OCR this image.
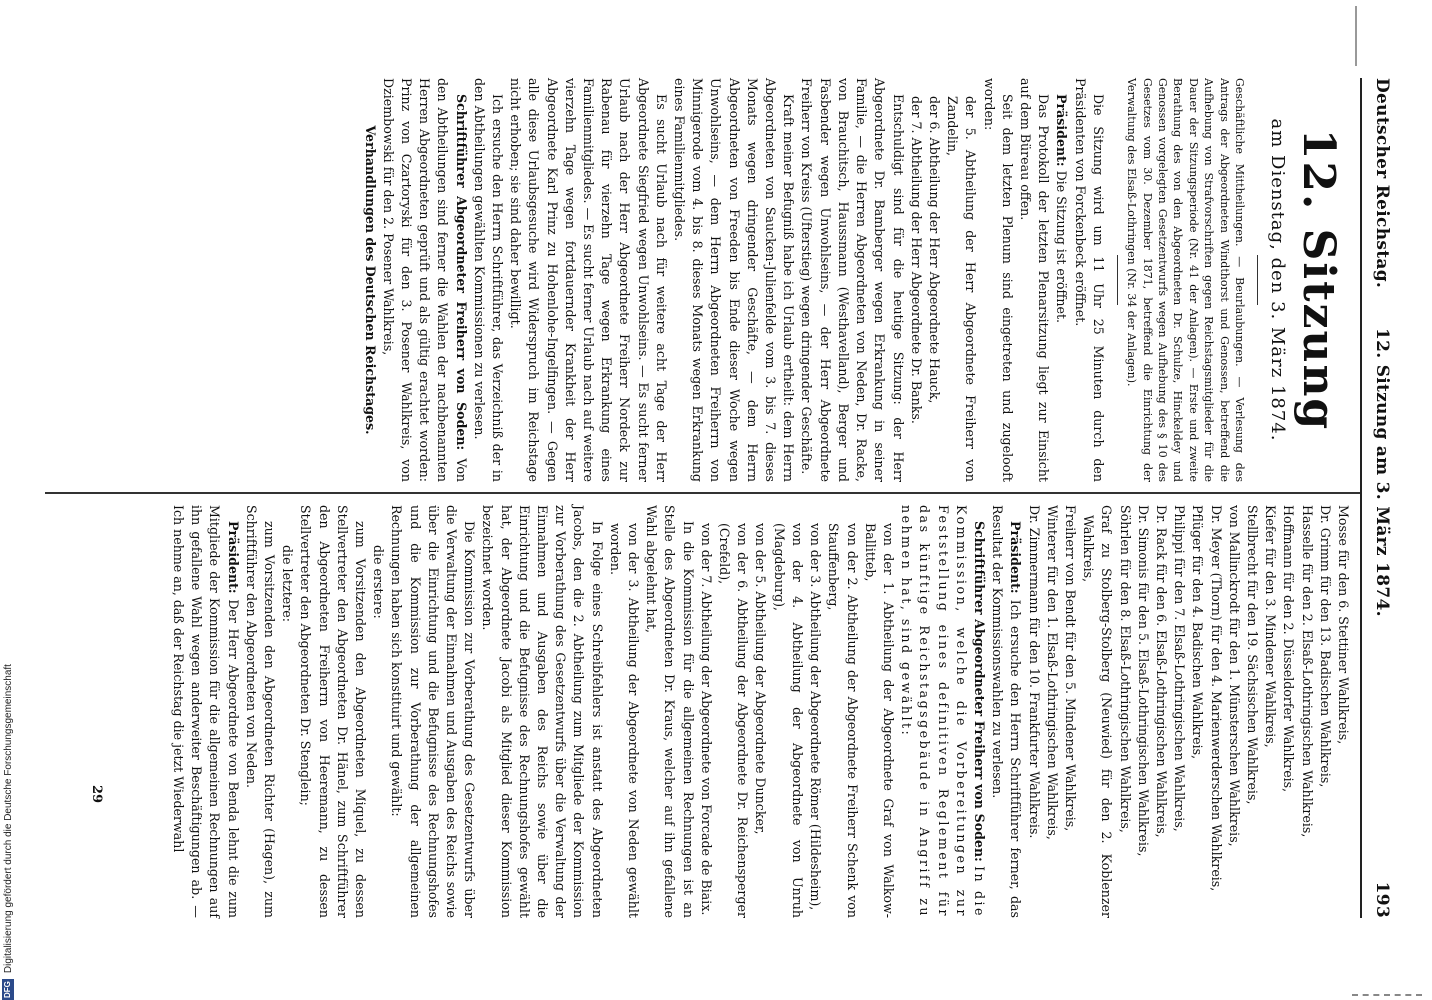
Deutscher Reichstag.
12. Sitzung am 3. März 1874.
193

12. Sitzung

am Dienstag, den 3. März 1874.

Geschäftliche Mittheilungen. — Beurlaubungen. — Verlesung des Antrags der Abgeordneten Windthorst und Genossen, betreffend die Aufhebung von Strafvorschriften gegen Reichstagsmitglieder für die Dauer der Sitzungsperiode (Nr. 41 der Anlagen). — Erste und zweite Berathung des von den Abgeordneten Dr. Schulze, Hinckeldey und Genossen vorgelegten Gesetzentwurfs wegen Aufhebung des § 10 des Gesetzes vom 30. Dezember 1871, betreffend die Einrichtung der Verwaltung des Elsaß-Lothringen (Nr. 34 der Anlagen).

Die Sitzung wird um 11 Uhr 25 Minuten durch den Präsidenten von Forckenbeck eröffnet.

Präsident: Die Sitzung ist eröffnet.

Das Protokoll der letzten Plenarsitzung liegt zur Einsicht auf dem Büreau offen.

Seit dem letzten Plenum sind eingetreten und zugelooft worden:

der 5. Abtheilung der Herr Abgeordnete Freiherr von Zandelin,

der 6. Abtheilung der Herr Abgeordnete Hauck,

der 7. Abtheilung der Herr Abgeordnete Dr. Banks.

Entschuldigt sind für die heutige Sitzung: der Herr Abgeordnete Dr. Bamberger wegen Erkrankung in seiner Familie, — die Herren Abgeordneten von Neden, Dr. Racke, von Brauchitsch, Haussmann (Westhavelland), Berger und Fasbender wegen Unwohlseins, — der Herr Abgeordnete Freiherr von Kreiss (Ufterstieg) wegen dringender Geschäfte.

Kraft meiner Befugniß habe ich Urlaub ertheilt: dem Herrn Abgeordneten von Saucken-Julienfelde vom 3. bis 7. dieses Monats wegen dringender Geschäfte, — dem Herrn Abgeordneten von Freeden bis Ende dieser Woche wegen Unwohlseins, — dem Herrn Abgeordneten Freiherrn von Minnigerode vom 4. bis 8. dieses Monats wegen Erkrankung eines Familienmitgliedes.

Es sucht Urlaub nach für weitere acht Tage der Herr Abgeordnete Siegfried wegen Unwohlseins. — Es sucht ferner Urlaub nach der Herr Abgeordnete Freiherr Nordeck zur Rabenau für vierzehn Tage wegen Erkrankung eines Familienmitgliedes. — Es sucht ferner Urlaub nach auf weitere vierzehn Tage wegen fortdauernder Krankheit der Herr Abgeordnete Karl Prinz zu Hohenlohe-Ingelfingen. — Gegen alle diese Urlaubsgesuche wird Widerspruch im Reichstage nicht erhoben; sie sind daher bewilligt.

Ich ersuche den Herrn Schriftführer, das Verzeichniß der in den Abtheilungen gewählten Kommissionen zu verlesen.

Schriftführer Abgeordneter Freiherr von Soden: Von den Abtheilungen sind ferner die Wahlen der nachbenannten Herren Abgeordneten geprüft und als gültig erachtet worden: Prinz von Czartoryski für den 3. Posener Wahlkreis, von Dziembowski für den 2. Posener Wahlkreis,

Verhandlungen des Deutschen Reichstages.

Mosse für den 6. Stettiner Wahlkreis,

Dr. Grimm für den 13. Badischen Wahlkreis,

Hasselle für den 2. Elsaß-Lothringischen Wahlkreis,

Hoffmann für den 2. Düsseldorfer Wahlkreis,

Kiefer für den 3. Mindener Wahlkreis,

Stellbrecht für den 19. Sächsischen Wahlkreis,

von Mallinckrodt für den 1. Münsterschen Wahlkreis,

Dr. Meyer (Thorn) für den 4. Marienwerderschen Wahlkreis,

Pflüger für den 4. Badischen Wahlkreis,

Philippi für den 7. Elsaß-Lothringischen Wahlkreis,

Dr. Rack für den 6. Elsaß-Lothringischen Wahlkreis,

Dr. Simonis für den 5. Elsaß-Lothringischen Wahlkreis,

Söhrlen für den 8. Elsaß-Lothringischen Wahlkreis,

Graf zu Stolberg-Stolberg (Neuwied) für den 2. Koblenzer Wahlkreis,

Freiherr von Bendt für den 5. Mindener Wahlkreis,

Winterer für den 1. Elsaß-Lothringischen Wahlkreis,

Dr. Zimmermann für den 10. Frankfurter Wahlkreis.

Präsident: Ich ersuche den Herrn Schriftführer ferner, das Resultat der Kommissionswahlen zu verlesen.

Schriftführer Abgeordneter Freiherr von Soden: In die Kommission, welche die Vorbereitungen zur Feststellung eines definitiven Reglement für das künftige Reichstagsgebäude in Angriff zu nehmen hat, sind gewählt:

von der 1. Abtheilung der Abgeordnete Graf von Walkow-Ballitteb,

von der 2. Abtheilung der Abgeordnete Freiherr Schenk von Stauffenberg,

von der 3. Abtheilung der Abgeordnete Römer (Hildesheim),

von der 4. Abtheilung der Abgeordnete von Unruh (Magdeburg),

von der 5. Abtheilung der Abgeordnete Duncker,

von der 6. Abtheilung der Abgeordnete Dr. Reichensperger (Crefeld),

von der 7. Abtheilung der Abgeordnete von Forcade de Biaix.

In die Kommission für die allgemeinen Rechnungen ist an Stelle des Abgeordneten Dr. Kraus, welcher auf ihn gefallene Wahl abgelehnt hat,

von der 3. Abtheilung der Abgeordnete von Neden gewählt worden.

In Folge eines Schreibfehlers ist anstatt des Abgeordneten Jacobs, den die 2. Abtheilung zum Mitgliede der Kommission zur Vorberathung des Gesetzentwurfs über die Verwaltung der Einnahmen und Ausgaben des Reichs sowie über die Einrichtung und die Befugnisse des Rechnungshofes gewählt hat, der Abgeordnete Jacobi als Mitglied dieser Kommission bezeichnet worden.

Die Kommission zur Vorberathung des Gesetzentwurfs über die Verwaltung der Einnahmen und Ausgaben des Reichs sowie über die Einrichtung und die Befugnisse des Rechnungshofes und die Kommission zur Vorberathung der allgemeinen Rechnungen haben sich konstituirt und gewählt:

die erstere:

zum Vorsitzenden den Abgeordneten Miquel, zu dessen Stellvertreter den Abgeordneten Dr. Hänel, zum Schriftführer den Abgeordneten Freiherrn von Heeremann, zu dessen Stellvertreter den Abgeordneten Dr. Stenglein;

die letztere:

zum Vorsitzenden den Abgeordneten Richter (Hagen), zum Schriftführer den Abgeordneten von Neden.

Präsident: Der Herr Abgeordnete von Benda lehnt die zum Mitgliede der Kommission für die allgemeinen Rechnungen auf ihn gefallene Wahl wegen anderweiter Beschäftigungen ab. — Ich nehme an, daß der Reichstag die jetzt Wiederwahl

29
DFGDigitalisierung gefördert durch die Deutsche Forschungsgemeinschaft
